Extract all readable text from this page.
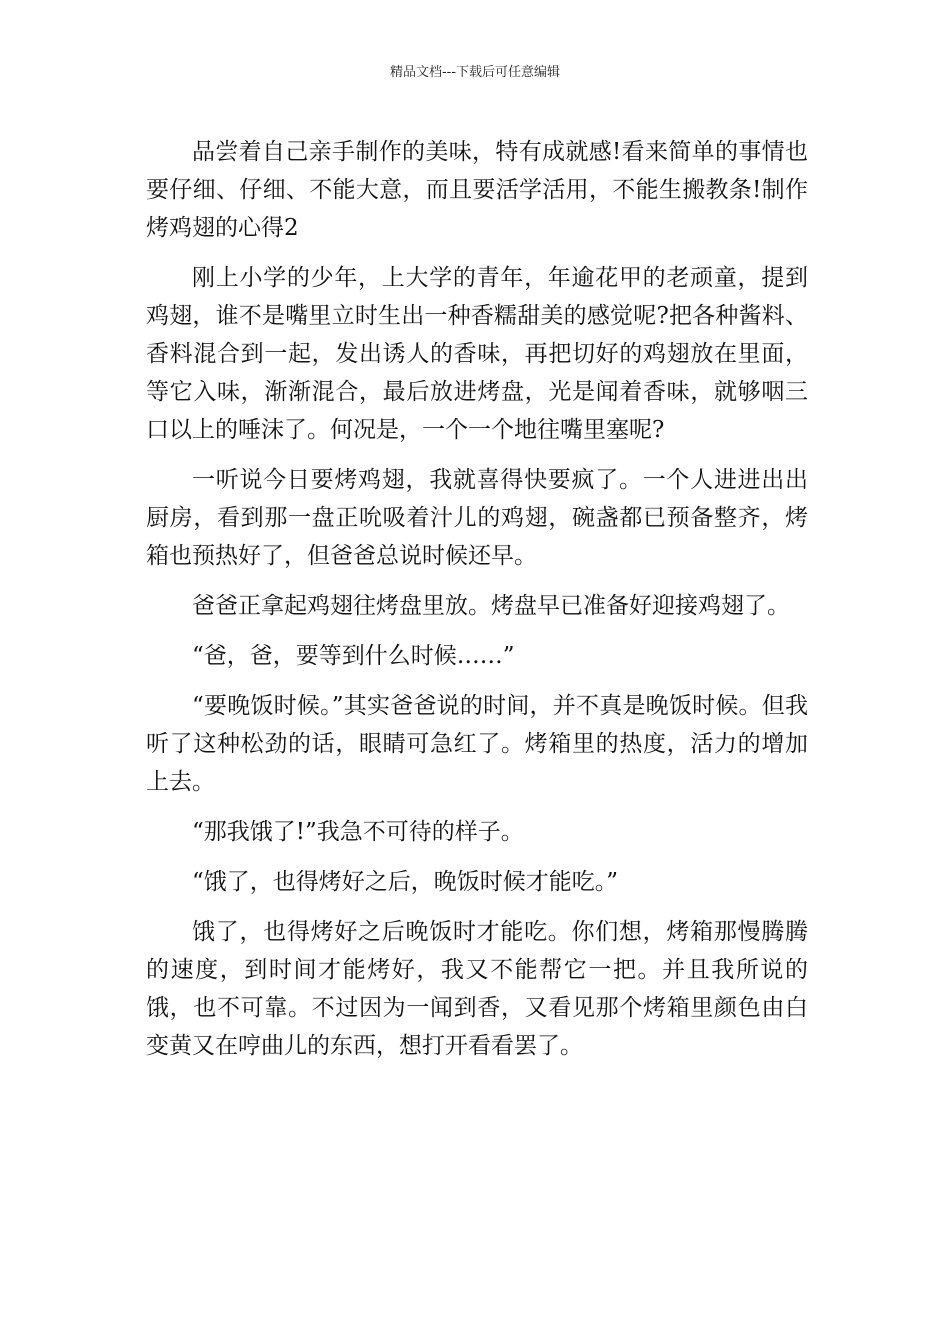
精品文档---下载后可任意编辑

品尝着自己亲手制作的美味，特有成就感!看来简单的事情也要仔细、仔细、不能大意，而且要活学活用，不能生搬教条!制作烤鸡翅的心得2

刚上小学的少年，上大学的青年，年逾花甲的老顽童，提到鸡翅，谁不是嘴里立时生出一种香糯甜美的感觉呢?把各种酱料、香料混合到一起，发出诱人的香味，再把切好的鸡翅放在里面，等它入味，渐渐混合，最后放进烤盘，光是闻着香味，就够咽三口以上的唾沫了。何况是，一个一个地往嘴里塞呢?

一听说今日要烤鸡翅，我就喜得快要疯了。一个人进进出出厨房，看到那一盘正吮吸着汁儿的鸡翅，碗盏都已预备整齐，烤箱也预热好了，但爸爸总说时候还早。

爸爸正拿起鸡翅往烤盘里放。烤盘早已准备好迎接鸡翅了。

“爸，爸，要等到什么时候……”

“要晚饭时候。”其实爸爸说的时间，并不真是晚饭时候。但我听了这种松劲的话，眼睛可急红了。烤箱里的热度，活力的增加上去。

“那我饿了!”我急不可待的样子。

“饿了，也得烤好之后，晚饭时候才能吃。”

饿了，也得烤好之后晚饭时才能吃。你们想，烤箱那慢腾腾的速度，到时间才能烤好，我又不能帮它一把。并且我所说的饿，也不可靠。不过因为一闻到香，又看见那个烤箱里颜色由白变黄又在哼曲儿的东西，想打开看看罢了。
